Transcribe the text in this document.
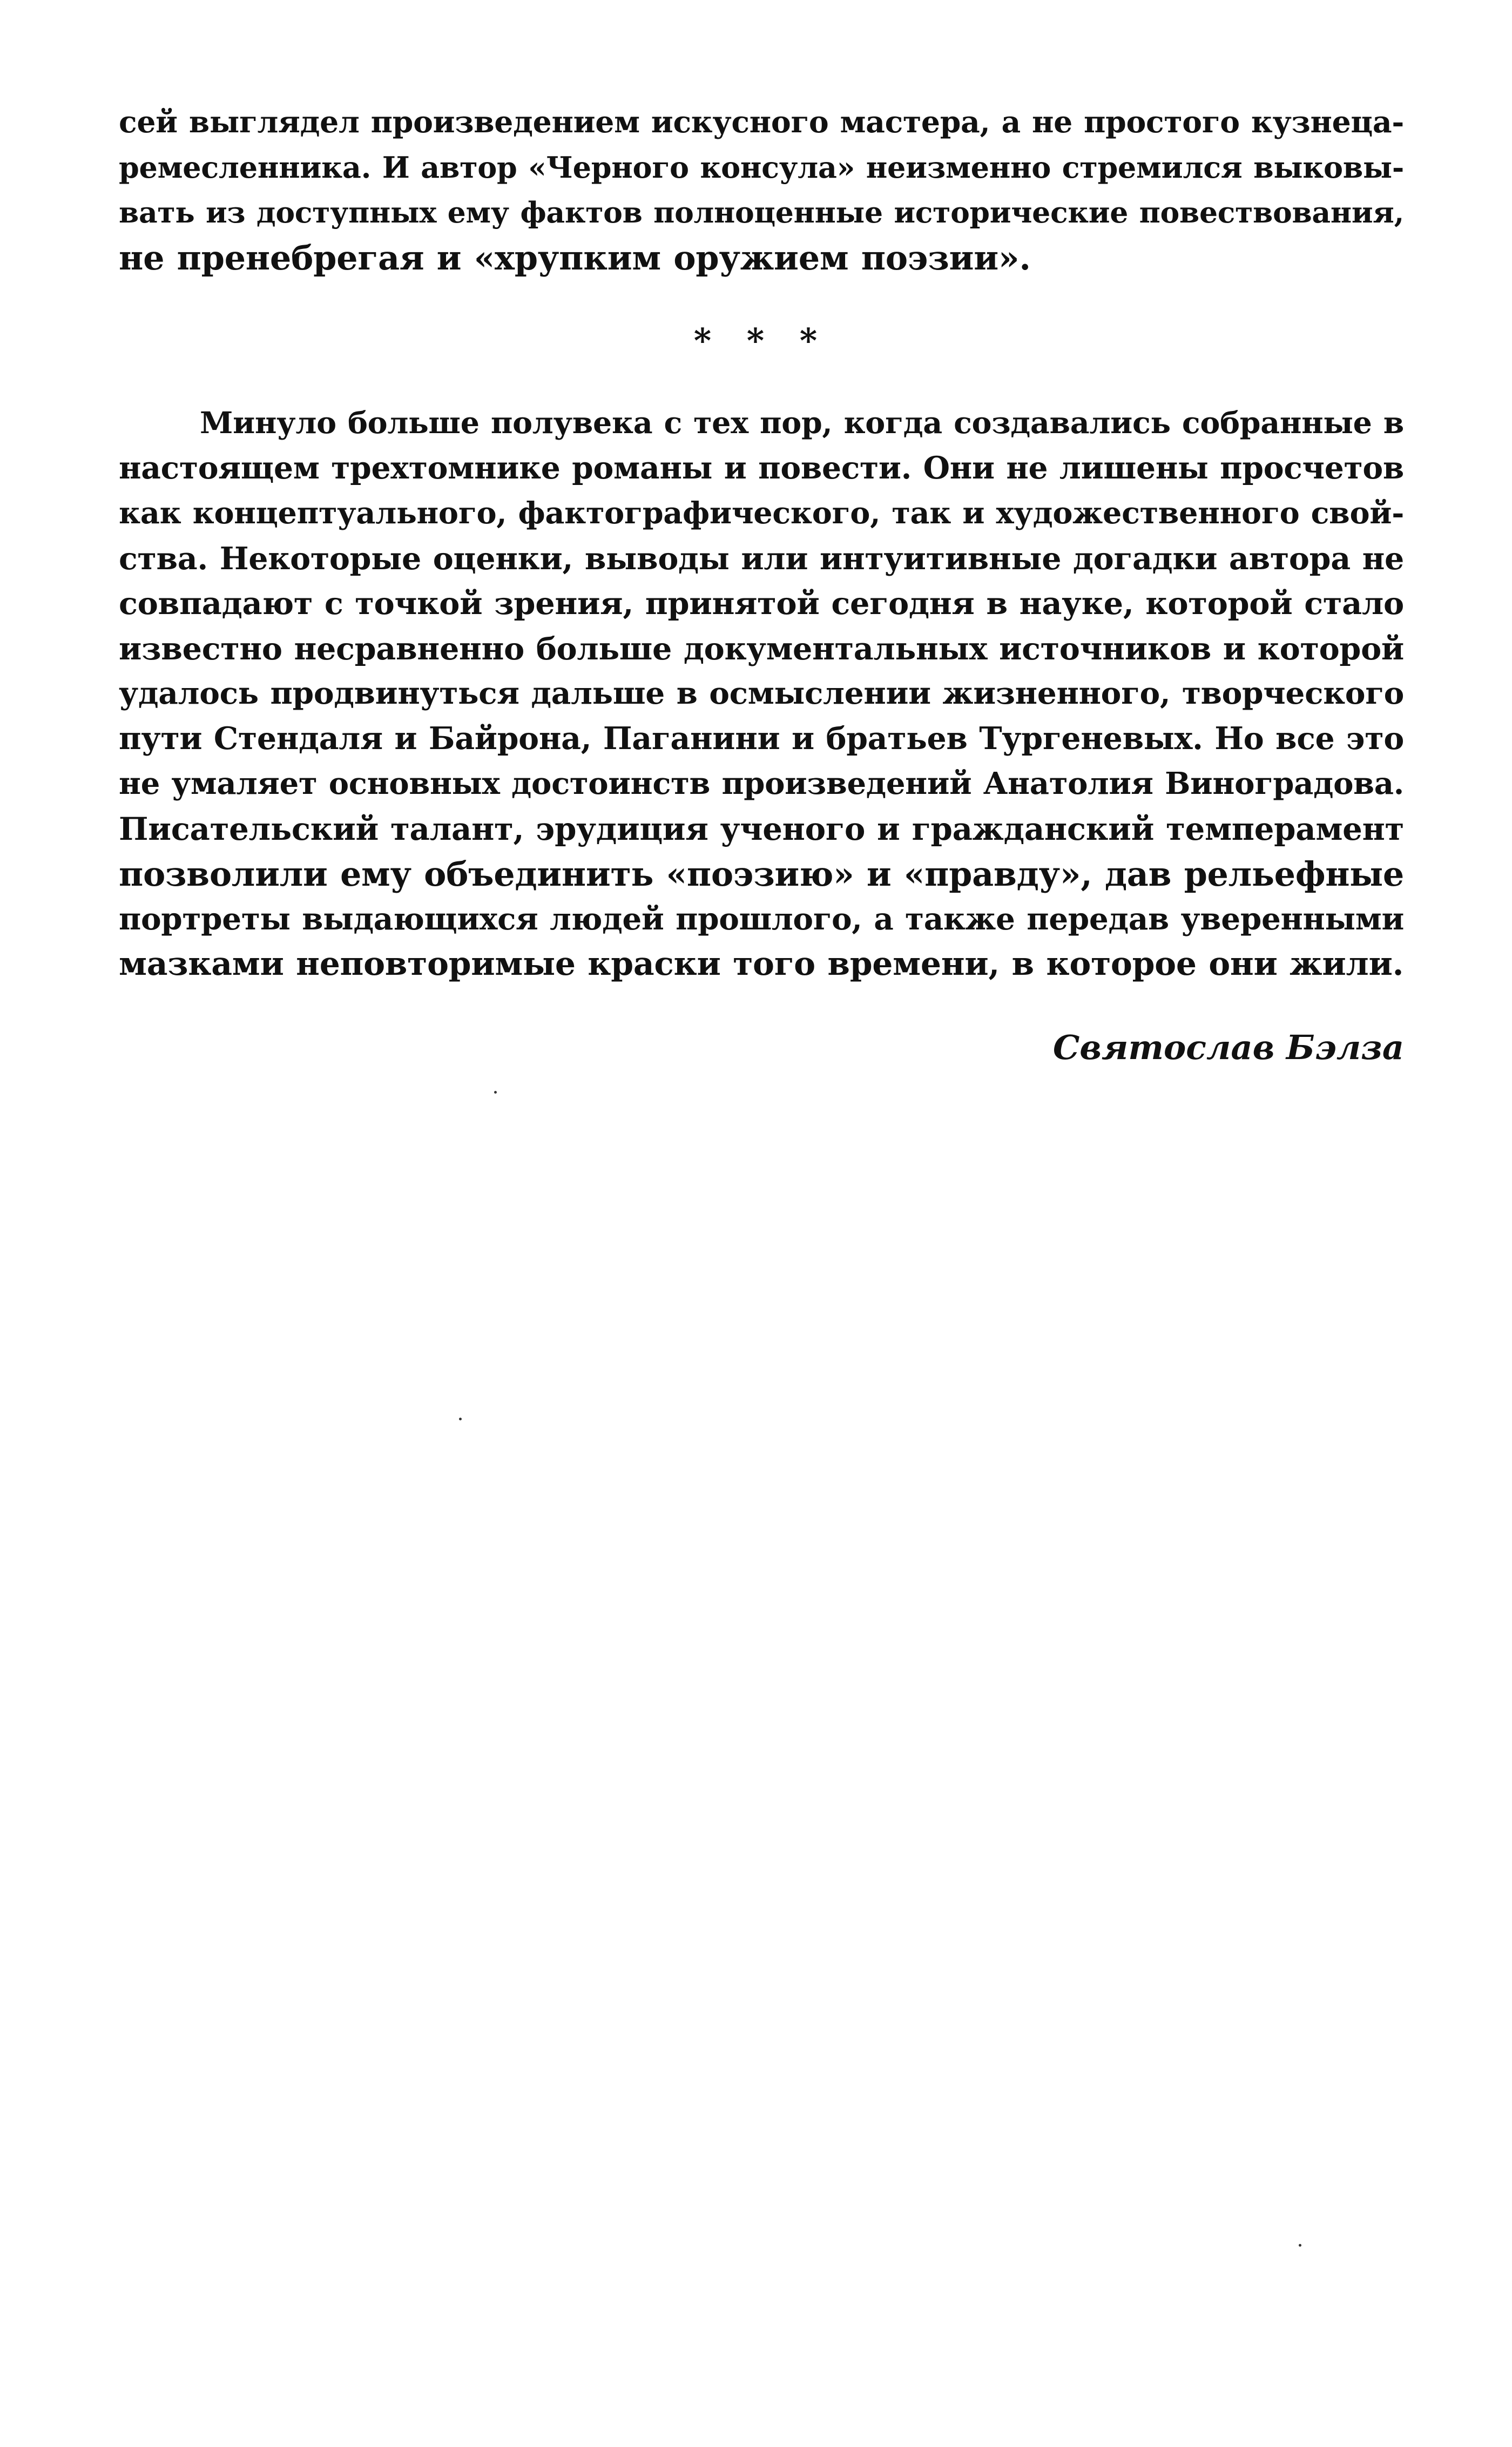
сей выглядел произведением искусного мастера, а не простого кузнеца-
ремесленника. И автор «Черного консула» неизменно стремился выковы-
вать из доступных ему фактов полноценные исторические повествования,
не пренебрегая и «хрупким оружием поэзии».
* * *
Минуло больше полувека с тех пор, когда создавались собранные в
настоящем трехтомнике романы и повести. Они не лишены просчетов
как концептуального, фактографического, так и художественного свой-
ства. Некоторые оценки, выводы или интуитивные догадки автора не
совпадают с точкой зрения, принятой сегодня в науке, которой стало
известно несравненно больше документальных источников и которой
удалось продвинуться дальше в осмыслении жизненного, творческого
пути Стендаля и Байрона, Паганини и братьев Тургеневых. Но все это
не умаляет основных достоинств произведений Анатолия Виноградова.
Писательский талант, эрудиция ученого и гражданский темперамент
позволили ему объединить «поэзию» и «правду», дав рельефные
портреты выдающихся людей прошлого, а также передав уверенными
мазками неповторимые краски того времени, в которое они жили.
Святослав Бэлза
